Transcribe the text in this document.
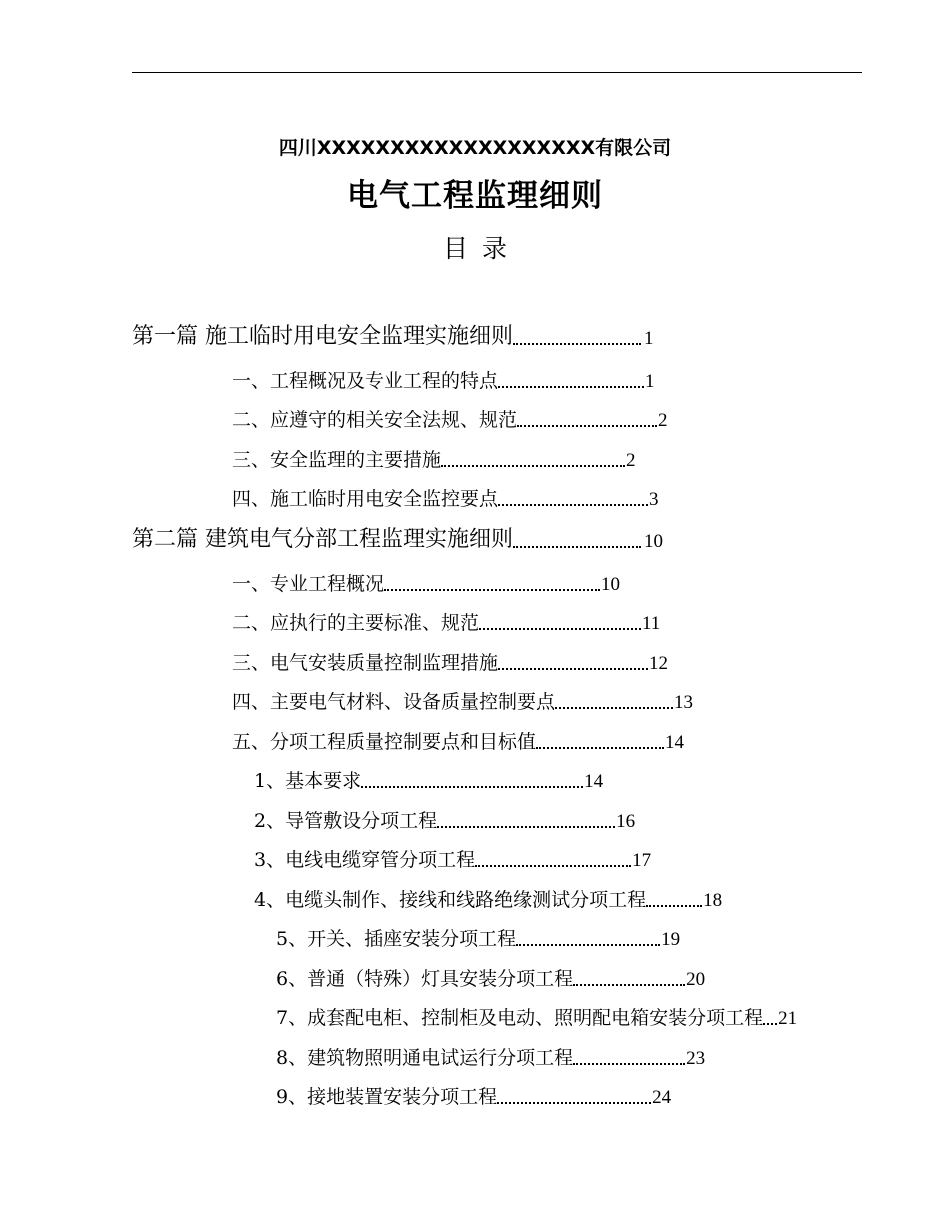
四川XXXXXXXXXXXXXXXXXXX有限公司
电气工程监理细则
目录
第一篇 施工临时用电安全监理实施细则	1
一、工程概况及专业工程的特点	1
二、应遵守的相关安全法规、规范	2
三、安全监理的主要措施	2
四、施工临时用电安全监控要点	3
第二篇 建筑电气分部工程监理实施细则	10
一、专业工程概况	10
二、应执行的主要标准、规范	11
三、电气安装质量控制监理措施	12
四、主要电气材料、设备质量控制要点	13
五、分项工程质量控制要点和目标值	14
1、基本要求	14
2、导管敷设分项工程	16
3、电线电缆穿管分项工程	17
4、电缆头制作、接线和线路绝缘测试分项工程	18
5、开关、插座安装分项工程	19
6、普通（特殊）灯具安装分项工程	20
7、成套配电柜、控制柜及电动、照明配电箱安装分项工程 21
8、建筑物照明通电试运行分项工程	23
9、接地装置安装分项工程	24
